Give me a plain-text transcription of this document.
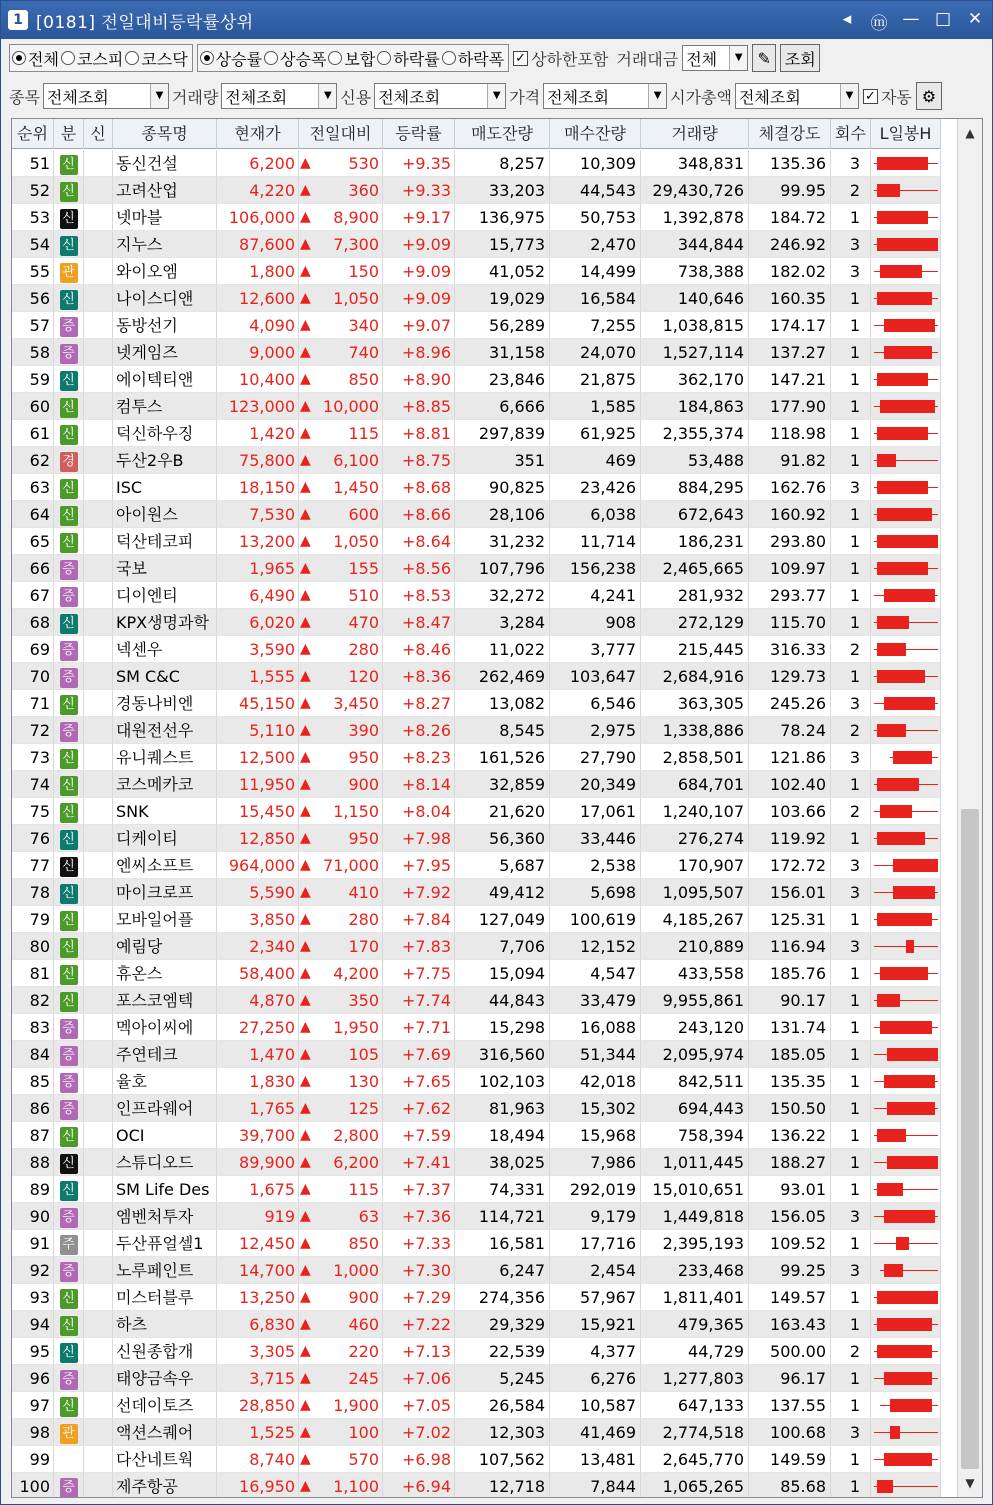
1 [0181] 전일대비등락률상위	◂ ⓜ — □ ✕
전체 코스피 코스닥 상승률 상승폭 보합 하락률 하락폭 ✓ 상하한포함 거래대금 전체	▼ ✎ 조회
종목 전체조회	▼ 거래량 전체조회	▼ 신용 전체조회	▼ 가격 전체조회	▼ 시가총액 전체조회	▼ ✓ 자동 ⚙
순위 분 신	종목명	현재가	전일대비	등락률	매도잔량	매수잔량	거래량	체결강도 회수 L일봉H
51 신	동신건설	6,200 ▲ 530	+9.35	8,257	10,309	348,831	135.36	3
52 신	고려산업	4,220 ▲ 360	+9.33	33,203	44,543	29,430,726	99.95	2
53 신	넷마블	106,000 ▲ 8,900	+9.17	136,975	50,753	1,392,878	184.72	1
54 신	지누스	87,600 ▲ 7,300	+9.09	15,773	2,470	344,844	246.92	3
55 관	와이오엠	1,800 ▲ 150	+9.09	41,052	14,499	738,388	182.02	3
56 신	나이스디앤	12,600 ▲ 1,050	+9.09	19,029	16,584	140,646	160.35	1
57 증	동방선기	4,090 ▲ 340	+9.07	56,289	7,255	1,038,815	174.17	1
58 증	넷게임즈	9,000 ▲ 740	+8.96	31,158	24,070	1,527,114	137.27	1
59 신	에이텍티앤	10,400 ▲ 850	+8.90	23,846	21,875	362,170	147.21	1
60 신	컴투스	123,000 ▲ 10,000	+8.85	6,666	1,585	184,863	177.90	1
61 신	덕신하우징	1,420 ▲ 115	+8.81	297,839	61,925	2,355,374	118.98	1
62 경	두산2우B	75,800 ▲ 6,100	+8.75	351	469	53,488	91.82	1
63 신	ISC	18,150 ▲ 1,450	+8.68	90,825	23,426	884,295	162.76	3
64 신	아이원스	7,530 ▲ 600	+8.66	28,106	6,038	672,643	160.92	1
65 신	덕산테코피	13,200 ▲ 1,050	+8.64	31,232	11,714	186,231	293.80	1
66 증	국보	1,965 ▲ 155	+8.56	107,796	156,238	2,465,665	109.97	1
67 증	디이엔티	6,490 ▲ 510	+8.53	32,272	4,241	281,932	293.77	1
68 신	KPX생명과학	6,020 ▲ 470	+8.47	3,284	908	272,129	115.70	1
69 증	넥센우	3,590 ▲ 280	+8.46	11,022	3,777	215,445	316.33	2
70 증	SM C&C	1,555 ▲ 120	+8.36	262,469	103,647	2,684,916	129.73	1
71 신	경동나비엔	45,150 ▲ 3,450	+8.27	13,082	6,546	363,305	245.26	3
72 증	대원전선우	5,110 ▲ 390	+8.26	8,545	2,975	1,338,886	78.24	2
73 신	유니퀘스트	12,500 ▲ 950	+8.23	161,526	27,790	2,858,501	121.86	3
74 신	코스메카코	11,950 ▲ 900	+8.14	32,859	20,349	684,701	102.40	1
75 신	SNK	15,450 ▲ 1,150	+8.04	21,620	17,061	1,240,107	103.66	2
76 신	디케이티	12,850 ▲ 950	+7.98	56,360	33,446	276,274	119.92	1
77 신	엔씨소프트	964,000 ▲ 71,000	+7.95	5,687	2,538	170,907	172.72	3
78 신	마이크로프	5,590 ▲ 410	+7.92	49,412	5,698	1,095,507	156.01	3
79 신	모바일어플	3,850 ▲ 280	+7.84	127,049	100,619	4,185,267	125.31	1
80 신	예림당	2,340 ▲ 170	+7.83	7,706	12,152	210,889	116.94	3
81 신	휴온스	58,400 ▲ 4,200	+7.75	15,094	4,547	433,558	185.76	1
82 신	포스코엠텍	4,870 ▲ 350	+7.74	44,843	33,479	9,955,861	90.17	1
83 증	멕아이씨에	27,250 ▲ 1,950	+7.71	15,298	16,088	243,120	131.74	1
84 증	주연테크	1,470 ▲ 105	+7.69	316,560	51,344	2,095,974	185.05	1
85 증	율호	1,830 ▲ 130	+7.65	102,103	42,018	842,511	135.35	1
86 증	인프라웨어	1,765 ▲ 125	+7.62	81,963	15,302	694,443	150.50	1
87 신	OCI	39,700 ▲ 2,800	+7.59	18,494	15,968	758,394	136.22	1
88 신	스튜디오드	89,900 ▲ 6,200	+7.41	38,025	7,986	1,011,445	188.27	1
89 신	SM Life Des	1,675 ▲ 115	+7.37	74,331	292,019	15,010,651	93.01	1
90 증	엠벤처투자	919 ▲	63	+7.36	114,721	9,179	1,449,818	156.05	3
91 주	두산퓨얼셀1	12,450 ▲ 850	+7.33	16,581	17,716	2,395,193	109.52	1
92 증	노루페인트	14,700 ▲ 1,000	+7.30	6,247	2,454	233,468	99.25	3
93 신	미스터블루	13,250 ▲ 900	+7.29	274,356	57,967	1,811,401	149.57	1
94 신	하츠	6,830 ▲ 460	+7.22	29,329	15,921	479,365	163.43	1
95 신	신원종합개	3,305 ▲ 220	+7.13	22,539	4,377	44,729	500.00	2
96 증	태양금속우	3,715 ▲ 245	+7.06	5,245	6,276	1,277,803	96.17	1
97 신	선데이토즈	28,850 ▲ 1,900	+7.05	26,584	10,587	647,133	137.55	1
98 관	액션스퀘어	1,525 ▲ 100	+7.02	12,303	41,469	2,774,518	100.68	3
99	다산네트웍	8,740 ▲ 570	+6.98	107,562	13,481	2,645,770	149.59	1
100 증	제주항공	16,950 ▲ 1,100	+6.94	12,718	7,844	1,065,265	85.68	1
▲
▼
